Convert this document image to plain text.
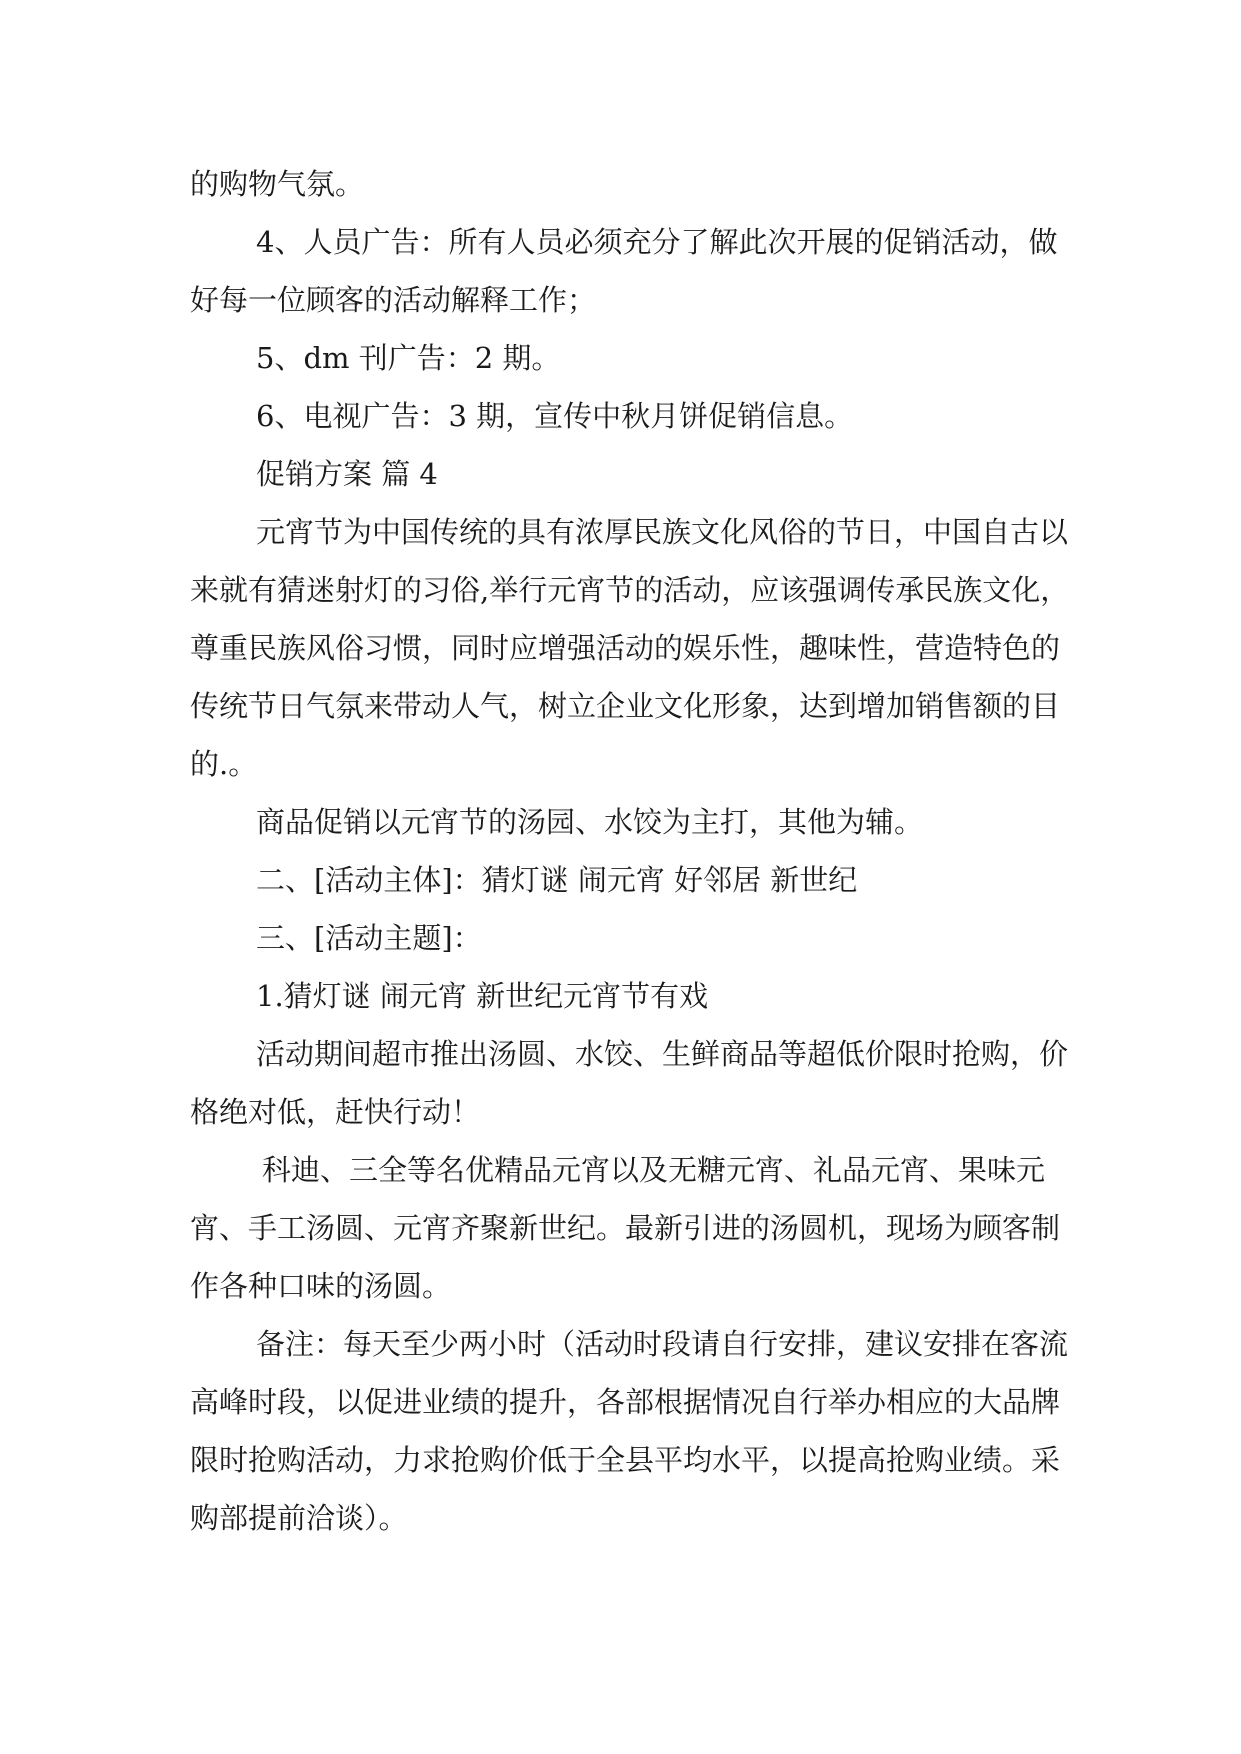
的购物气氛。

4、人员广告：所有人员必须充分了解此次开展的促销活动，做好每一位顾客的活动解释工作；

5、dm 刊广告：2 期。

6、电视广告：3 期，宣传中秋月饼促销信息。

促销方案 篇 4

元宵节为中国传统的具有浓厚民族文化风俗的节日，中国自古以来就有猜迷射灯的习俗,举行元宵节的活动，应该强调传承民族文化，尊重民族风俗习惯，同时应增强活动的娱乐性，趣味性，营造特色的传统节日气氛来带动人气，树立企业文化形象，达到增加销售额的目的.。

商品促销以元宵节的汤园、水饺为主打，其他为辅。

二、[活动主体]：猜灯谜 闹元宵 好邻居 新世纪

三、[活动主题]：

1.猜灯谜 闹元宵 新世纪元宵节有戏

活动期间超市推出汤圆、水饺、生鲜商品等超低价限时抢购，价格绝对低，赶快行动！

科迪、三全等名优精品元宵以及无糖元宵、礼品元宵、果味元宵、手工汤圆、元宵齐聚新世纪。最新引进的汤圆机，现场为顾客制作各种口味的汤圆。

备注：每天至少两小时（活动时段请自行安排，建议安排在客流高峰时段，以促进业绩的提升，各部根据情况自行举办相应的大品牌限时抢购活动，力求抢购价低于全县平均水平，以提高抢购业绩。采购部提前洽谈）。
